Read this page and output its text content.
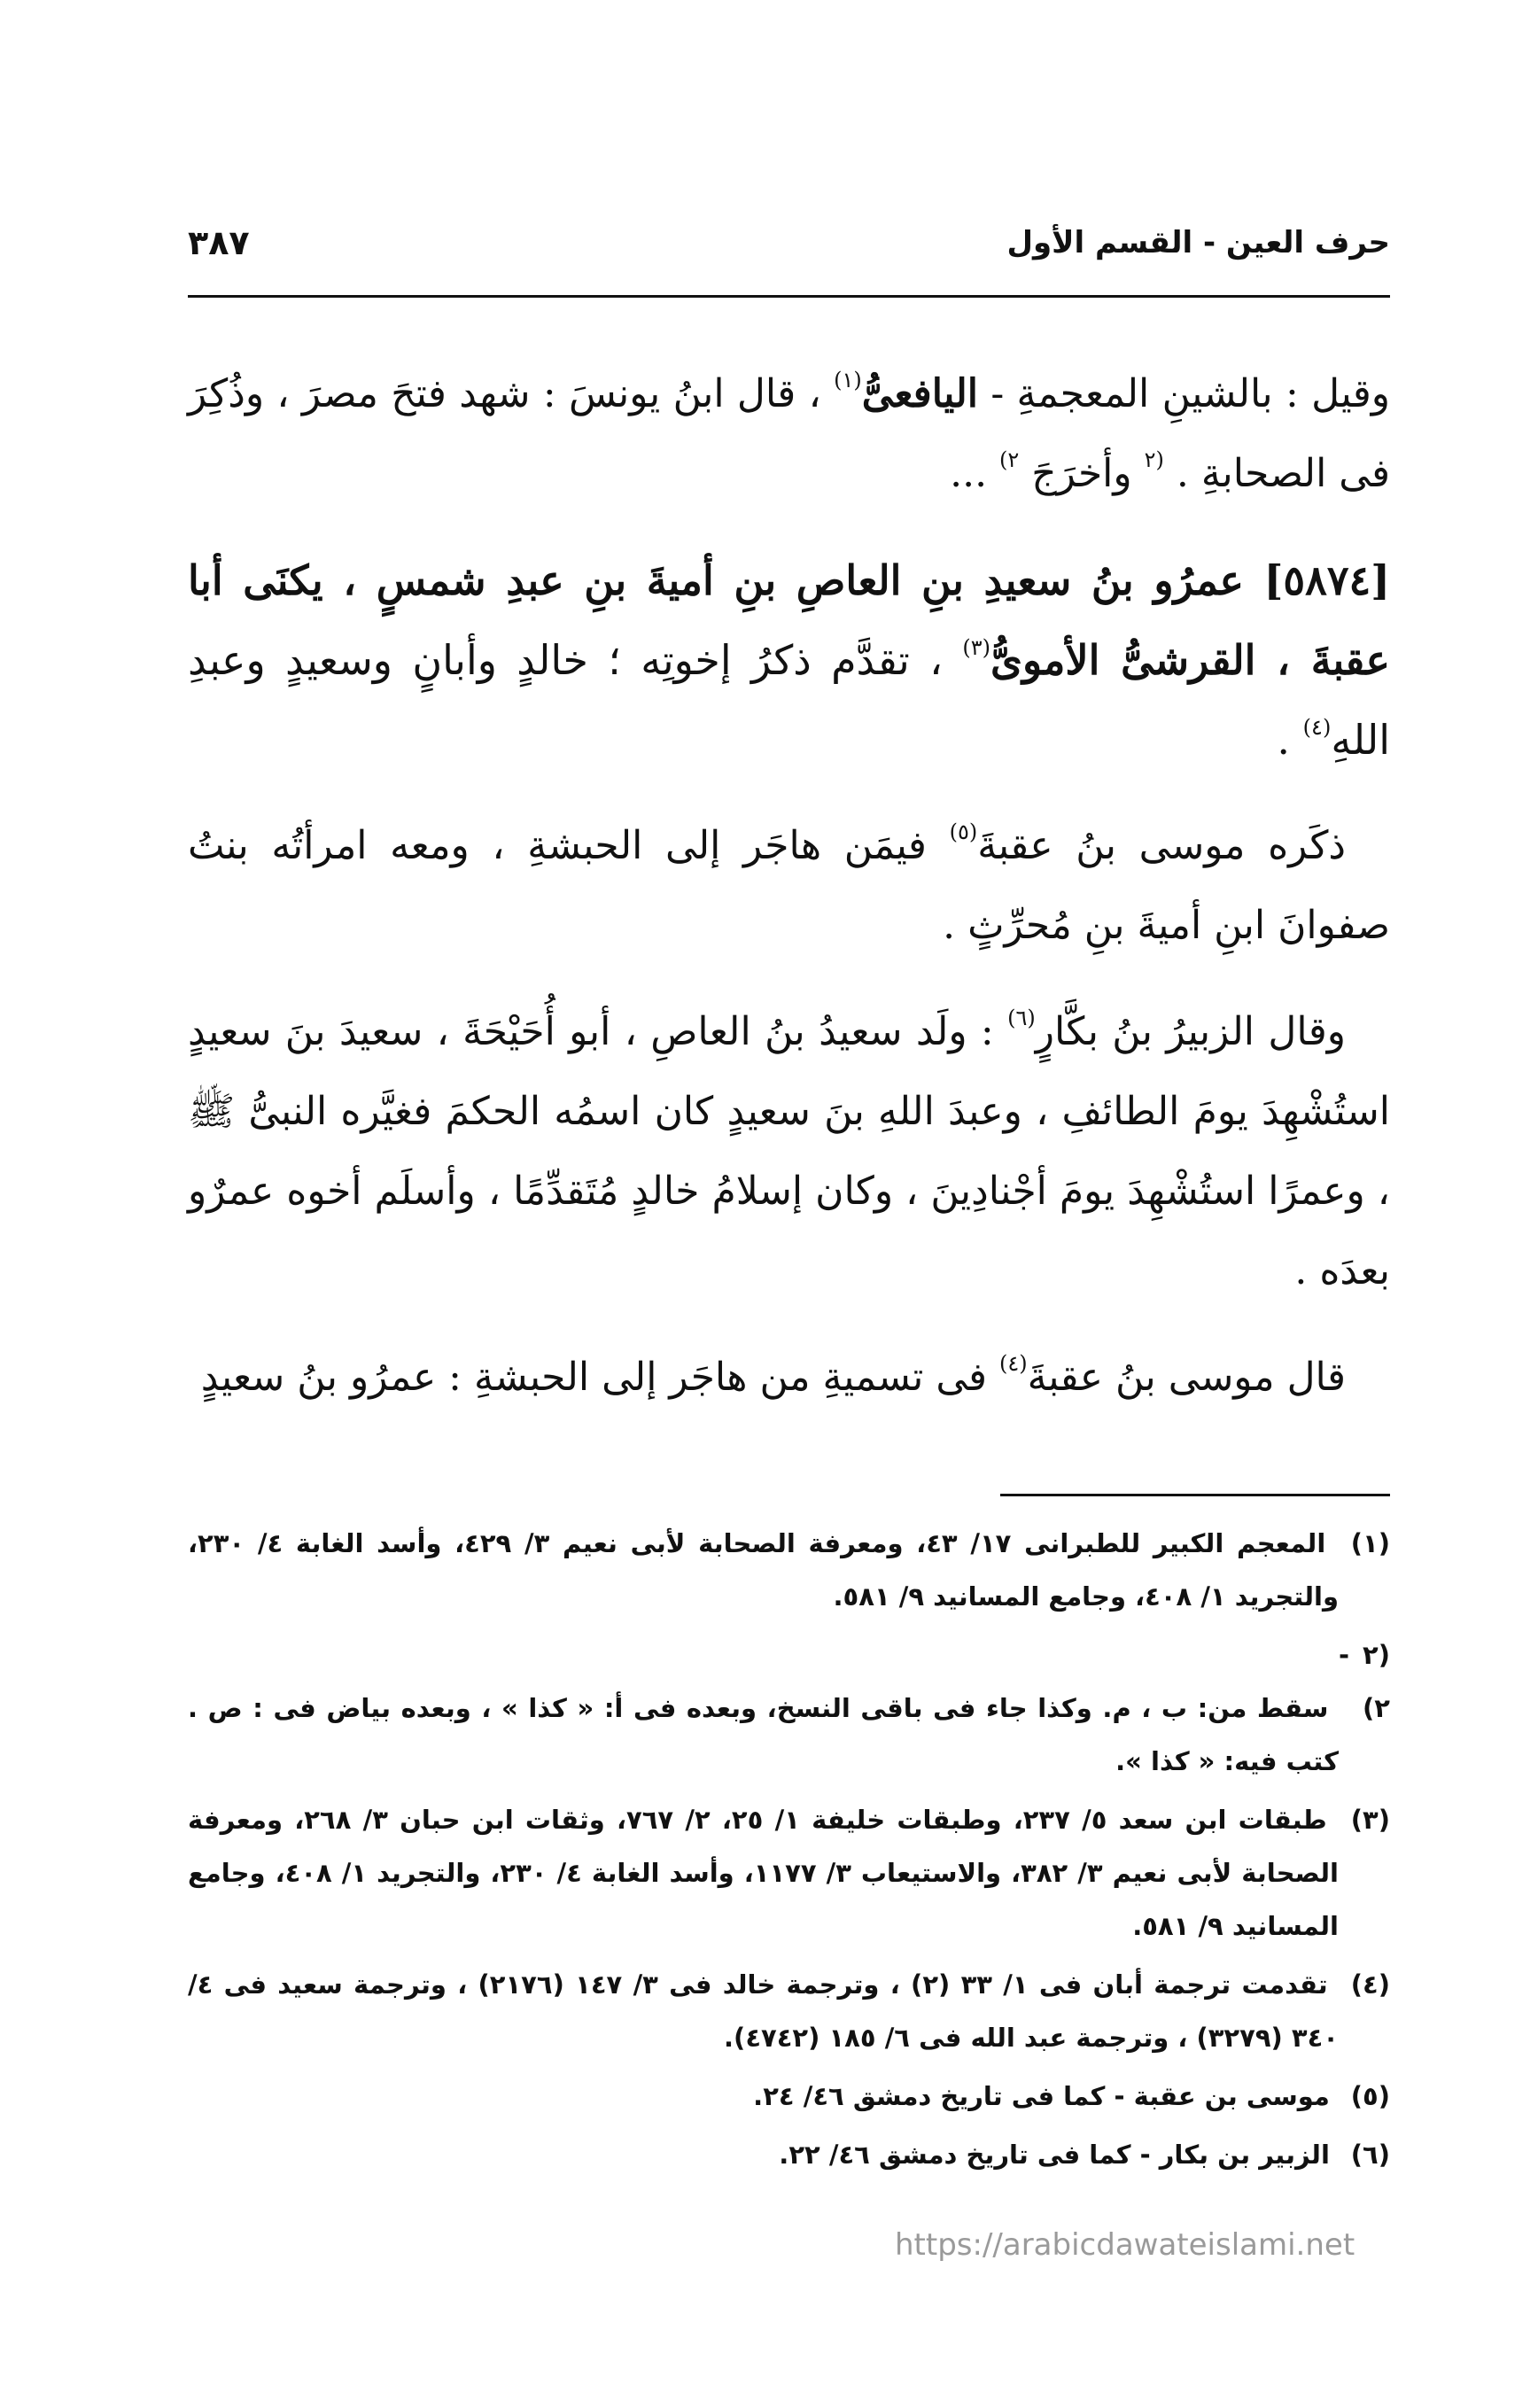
حرف العين - القسم الأول
٣٨٧

وقيل : بالشينِ المعجمةِ - اليافعىُّ$^{(١)}$ ، قال ابنُ يونسَ : شهد فتحَ مصرَ ، وذُكِرَ فى الصحابةِ . $^{(٢}$ وأخرَجَ $^{٢)}$ ...

[٥٨٧٤] عمرُو بنُ سعيدِ بنِ العاصِ بنِ أميةَ بنِ عبدِ شمسٍ ، يكنَى أبا عقبةَ ، القرشىُّ الأموىُّ$^{(٣)}$ ، تقدَّم ذكرُ إخوتِه ؛ خالدٍ وأبانٍ وسعيدٍ وعبدِ اللهِ$^{(٤)}$ .

ذكَره موسى بنُ عقبةَ$^{(٥)}$ فيمَن هاجَر إلى الحبشةِ ، ومعه امرأتُه بنتُ صفوانَ ابنِ أميةَ بنِ مُحرِّثٍ .

وقال الزبيرُ بنُ بكَّارٍ$^{(٦)}$ : ولَد سعيدُ بنُ العاصِ ، أبو أُحَيْحَةَ ، سعيدَ بنَ سعيدٍ استُشْهِدَ يومَ الطائفِ ، وعبدَ اللهِ بنَ سعيدٍ كان اسمُه الحكمَ فغيَّره النبىُّ ﷺ ، وعمرًا استُشْهِدَ يومَ أجْنادِينَ ، وكان إسلامُ خالدٍ مُتَقدِّمًا ، وأسلَم أخوه عمرٌو بعدَه .

قال موسى بنُ عقبةَ$^{(٤)}$ فى تسميةِ من هاجَر إلى الحبشةِ : عمرُو بنُ سعيدٍ

(١) المعجم الكبير للطبرانى ١٧/ ٤٣، ومعرفة الصحابة لأبى نعيم ٣/ ٤٢٩، وأسد الغابة ٤/ ٢٣٠، والتجريد ١/ ٤٠٨، وجامع المسانيد ٩/ ٥٨١.
(٢ - ٢) سقط من: ب ، م. وكذا جاء فى باقى النسخ، وبعده فى أ: « كذا » ، وبعده بياض فى : ص . كتب فيه: « كذا ».
(٣) طبقات ابن سعد ٥/ ٢٣٧، وطبقات خليفة ١/ ٢٥، ٢/ ٧٦٧، وثقات ابن حبان ٣/ ٢٦٨، ومعرفة الصحابة لأبى نعيم ٣/ ٣٨٢، والاستيعاب ٣/ ١١٧٧، وأسد الغابة ٤/ ٢٣٠، والتجريد ١/ ٤٠٨، وجامع المسانيد ٩/ ٥٨١.
(٤) تقدمت ترجمة أبان فى ١/ ٣٣ (٢) ، وترجمة خالد فى ٣/ ١٤٧ (٢١٧٦) ، وترجمة سعيد فى ٤/ ٣٤٠ (٣٢٧٩) ، وترجمة عبد الله فى ٦/ ١٨٥ (٤٧٤٢).
(٥) موسى بن عقبة - كما فى تاريخ دمشق ٤٦/ ٢٤.
(٦) الزبير بن بكار - كما فى تاريخ دمشق ٤٦/ ٢٢.
https://arabicdawateislami.net
